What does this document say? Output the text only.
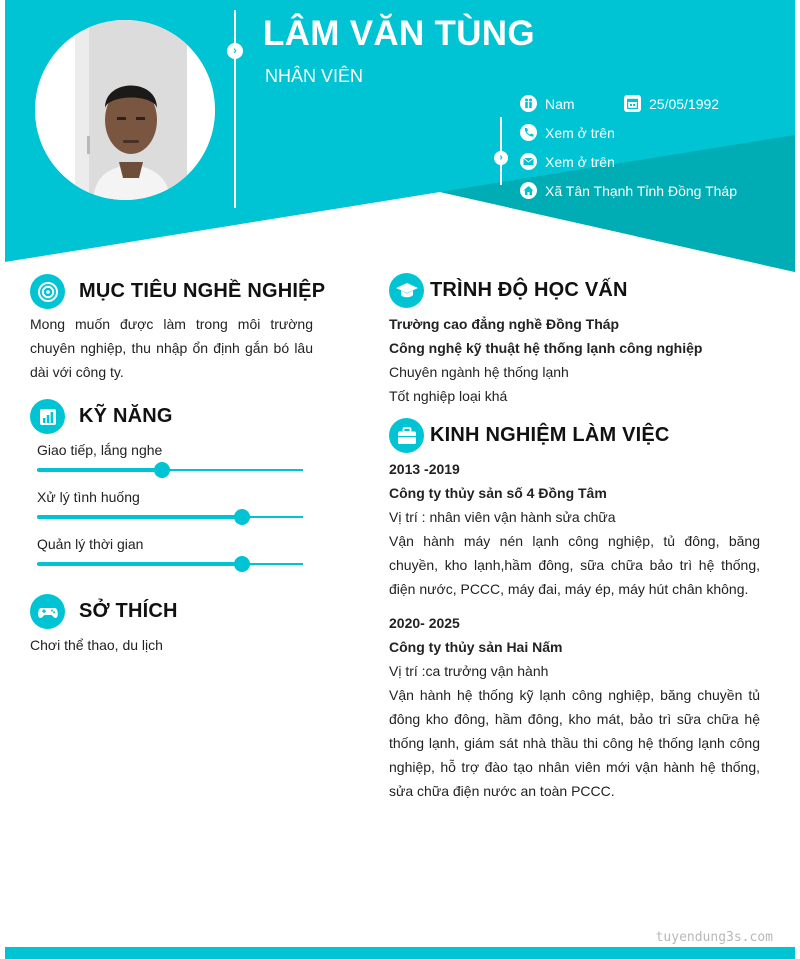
› LÂM VĂN TÙNG
NHÂN VIÊN
›
Nam	25/05/1992
Xem ở trên
Xem ở trên
Xã Tân Thạnh Tỉnh Đồng Tháp
MỤC TIÊU NGHỀ NGHIỆP
Mong muốn được làm trong môi trường chuyên nghiệp, thu nhập ổn định gắn bó lâu dài với công ty.
KỸ NĂNG
Giao tiếp, lắng nghe
Xử lý tình huống
Quản lý thời gian
SỞ THÍCH
Chơi thể thao, du lịch
TRÌNH ĐỘ HỌC VẤN
Trường cao đẳng nghề Đồng Tháp
Công nghệ kỹ thuật hệ thống lạnh công nghiệp
Chuyên ngành hệ thống lạnh
Tốt nghiệp loại khá
KINH NGHIỆM LÀM VIỆC
2013 -2019
Công ty thủy sản số 4 Đồng Tâm
Vị trí : nhân viên vận hành sửa chữa
Vận hành máy nén lạnh công nghiệp, tủ đông, băng chuyền, kho lạnh,hầm đông, sữa chữa bảo trì hệ thống, điện nước, PCCC, máy đai, máy ép, máy hút chân không.
2020- 2025
Công ty thủy sản Hai Nấm
Vị trí :ca trưởng vận hành
Vận hành hệ thống kỹ lạnh công nghiệp, băng chuyền tủ đông kho đông, hầm đông, kho mát, bảo trì sữa chữa hệ thống lạnh, giám sát nhà thầu thi công hệ thống lạnh công nghiệp, hỗ trợ đào tạo nhân viên mới vận hành hệ thống, sửa chữa điện nước an toàn PCCC.
tuyendung3s.com
